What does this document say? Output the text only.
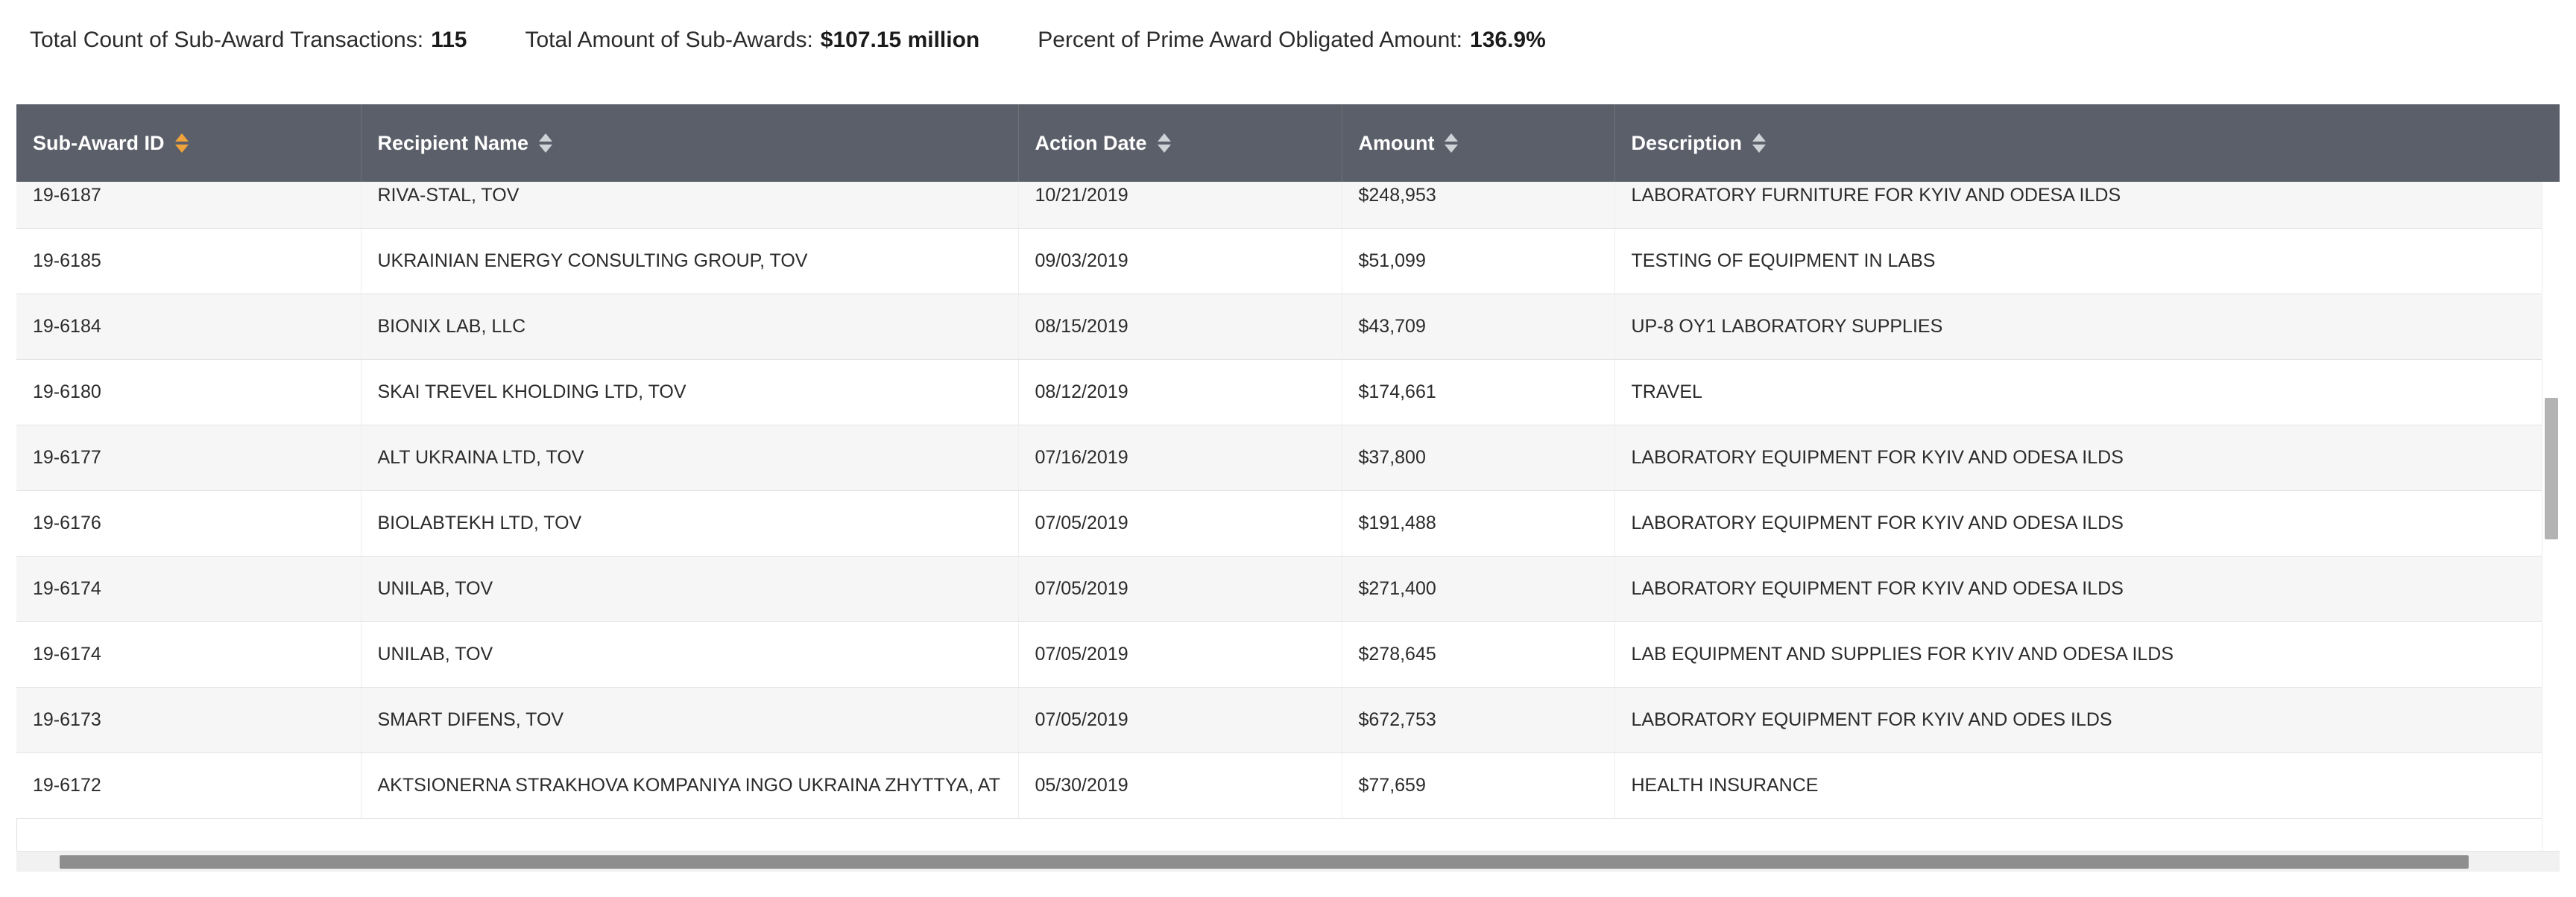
Total Count of Sub-Award Transactions: 115	Total Amount of Sub-Awards: $107.15 million	Percent of Prime Award Obligated Amount: 136.9%
Sub-Award ID	Recipient Name	Action Date	Amount	Description

19-6187	RIVA-STAL, TOV	10/21/2019	$248,953	LABORATORY FURNITURE FOR KYIV AND ODESA ILDS
19-6185	UKRAINIAN ENERGY CONSULTING GROUP, TOV	09/03/2019	$51,099	TESTING OF EQUIPMENT IN LABS
19-6184	BIONIX LAB, LLC	08/15/2019	$43,709	UP-8 OY1 LABORATORY SUPPLIES
19-6180	SKAI TREVEL KHOLDING LTD, TOV	08/12/2019	$174,661	TRAVEL
19-6177	ALT UKRAINA LTD, TOV	07/16/2019	$37,800	LABORATORY EQUIPMENT FOR KYIV AND ODESA ILDS
19-6176	BIOLABTEKH LTD, TOV	07/05/2019	$191,488	LABORATORY EQUIPMENT FOR KYIV AND ODESA ILDS
19-6174	UNILAB, TOV	07/05/2019	$271,400	LABORATORY EQUIPMENT FOR KYIV AND ODESA ILDS
19-6174	UNILAB, TOV	07/05/2019	$278,645	LAB EQUIPMENT AND SUPPLIES FOR KYIV AND ODESA ILDS
19-6173	SMART DIFENS, TOV	07/05/2019	$672,753	LABORATORY EQUIPMENT FOR KYIV AND ODES ILDS
19-6172	AKTSIONERNA STRAKHOVA KOMPANIYA INGO UKRAINA ZHYTTYA, AT	05/30/2019	$77,659	HEALTH INSURANCE
